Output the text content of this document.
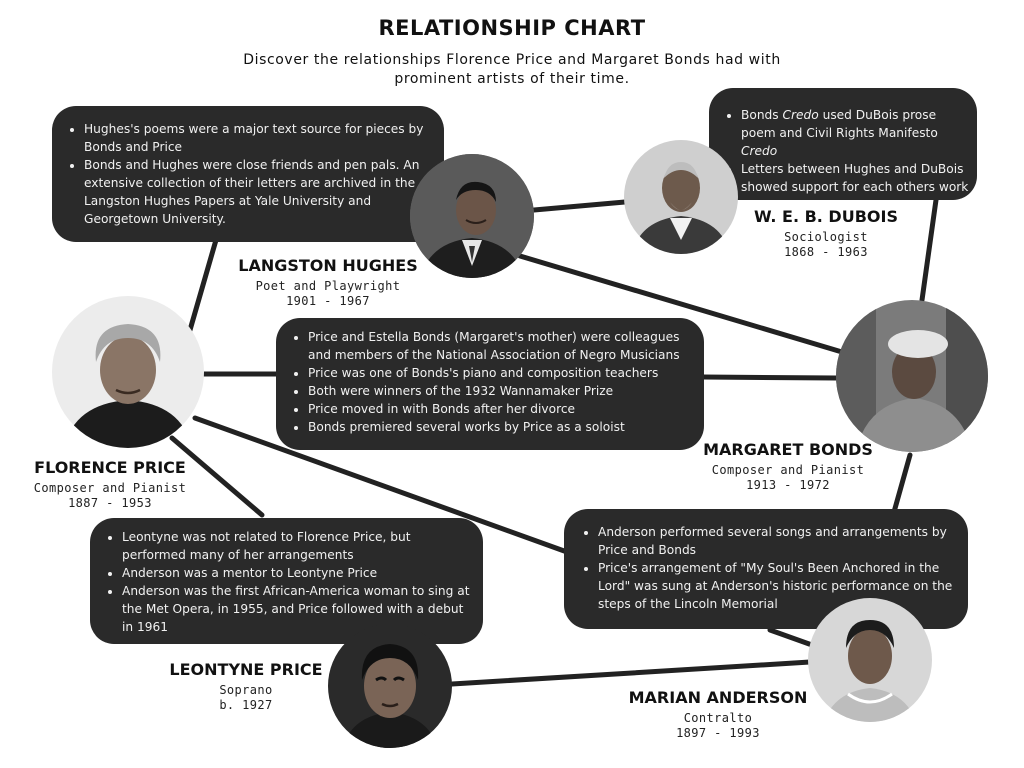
RELATIONSHIP CHART
Discover the relationships Florence Price and Margaret Bonds had with prominent artists of their time.
• Hughes's poems were a major text source for pieces by Bonds and Price
• Bonds and Hughes were close friends and pen pals. An extensive collection of their letters are archived in the Langston Hughes Papers at Yale University and Georgetown University.
• Bonds Credo used DuBois prose poem and Civil Rights Manifesto Credo
• Letters between Hughes and DuBois showed support for each others work
• Price and Estella Bonds (Margaret's mother) were colleagues and members of the National Association of Negro Musicians
• Price was one of Bonds's piano and composition teachers
• Both were winners of the 1932 Wannamaker Prize
• Price moved in with Bonds after her divorce
• Bonds premiered several works by Price as a soloist
• Leontyne was not related to Florence Price, but performed many of her arrangements
• Anderson was a mentor to Leontyne Price
• Anderson was the first African-America woman to sing at the Met Opera, in 1955, and Price followed with a debut in 1961
• Anderson performed several songs and arrangements by Price and Bonds
• Price's arrangement of "My Soul's Been Anchored in the Lord" was sung at Anderson's historic performance on the steps of the Lincoln Memorial
LANGSTON HUGHES
Poet and Playwright
1901 - 1967
W. E. B. DUBOIS
Sociologist
1868 - 1963
FLORENCE PRICE
Composer and Pianist
1887 - 1953
MARGARET BONDS
Composer and Pianist
1913 - 1972
LEONTYNE PRICE
Soprano
b. 1927	MARIAN ANDERSON
Contralto
1897 - 1993
